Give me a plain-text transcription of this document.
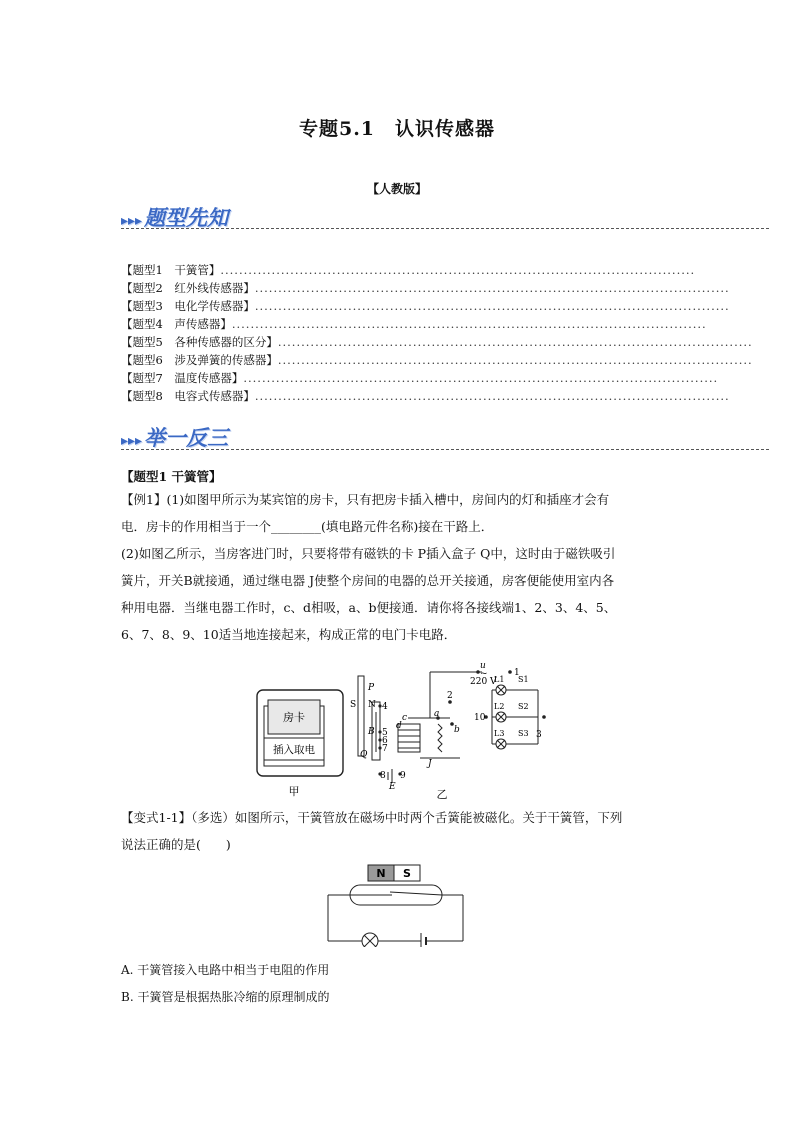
专题5.1　认识传感器
【人教版】
▸▸▸题型先知
【题型1　干簧管】 ......................................................................................................
【题型2　红外线传感器】 ......................................................................................................
【题型3　电化学传感器】 ......................................................................................................
【题型4　声传感器】 ......................................................................................................
【题型5　各种传感器的区分】 ......................................................................................................
【题型6　涉及弹簧的传感器】 ......................................................................................................
【题型7　温度传感器】 ......................................................................................................
【题型8　电容式传感器】 ......................................................................................................
▸▸▸举一反三
【题型1 干簧管】
【例1】(1)如图甲所示为某宾馆的房卡，只有把房卡插入槽中，房间内的灯和插座才会有
电．房卡的作用相当于一个________(填电路元件名称)接在干路上．
(2)如图乙所示，当房客进门时，只要将带有磁铁的卡 P插入盒子 Q中，这时由于磁铁吸引
簧片，开关B就接通，通过继电器 J使整个房间的电器的总开关接通，房客便能使用室内各
种用电器．当继电器工作时，c、d相吸，a、b便接通．请你将各接线端1、2、3、4、5、
6、7、8、9、10适当地连接起来，构成正常的电门卡电路．
房卡
插入取电
甲
u
~	1
220 V
2
a
b
c
d
10
3
4
5
6
7
8 9
P
S N
B
Q
J
E
L1
L2
L3
S1
S2
S3
乙
【变式1-1】（多选）如图所示，干簧管放在磁场中时两个舌簧能被磁化。关于干簧管，下列
说法正确的是(　　)
N S
A. 干簧管接入电路中相当于电阻的作用
B. 干簧管是根据热胀冷缩的原理制成的
